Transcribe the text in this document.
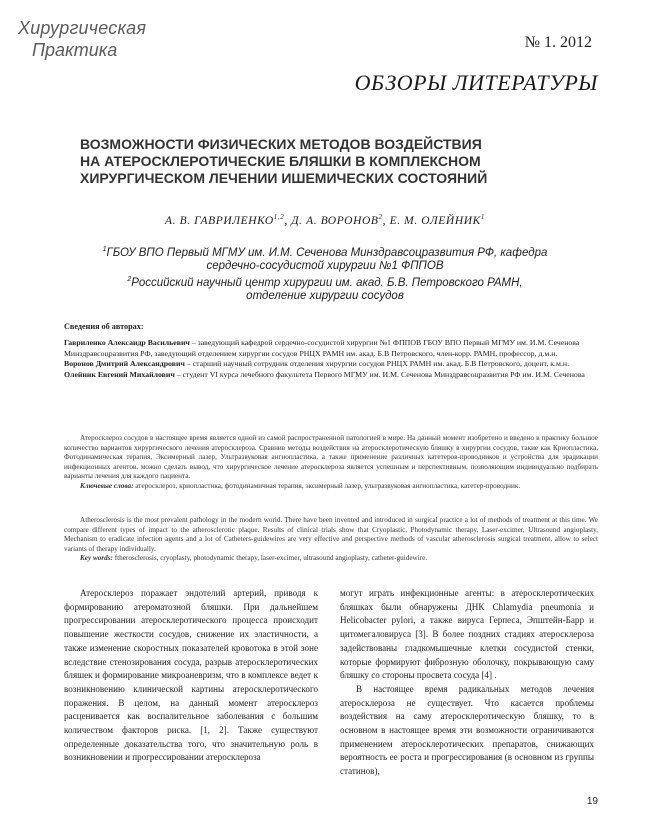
Хирургическая
Практика	№ 1. 2012
ОБЗОРЫ ЛИТЕРАТУРЫ
ВОЗМОЖНОСТИ ФИЗИЧЕСКИХ МЕТОДОВ ВОЗДЕЙСТВИЯ
НА АТЕРОСКЛЕРОТИЧЕСКИЕ БЛЯШКИ В КОМПЛЕКСНОМ
ХИРУРГИЧЕСКОМ ЛЕЧЕНИИ ИШЕМИЧЕСКИХ СОСТОЯНИЙ
А. В. ГАВРИЛЕНКО$^{1,2}$, Д. А. ВОРОНОВ$^2$, Е. М. ОЛЕЙНИК$^1$
$^1$ГБОУ ВПО Первый МГМУ им. И.М. Сеченова Минздравсоцразвития РФ, кафедра
сердечно-сосудистой хирургии №1 ФППОВ
$^2$Российский научный центр хирургии им. акад. Б.В. Петровского РАМН,
отделение хирургии сосудов
Сведения об авторах:
Гавриленко Александр Васильевич – заведующий кафедрой сердечно-сосудистой хирургии №1 ФППОВ ГБОУ ВПО Первый МГМУ им. И.М. Сеченова Минздравсоцразвития РФ, заведующий отделением хирургии сосудов РНЦХ РАМН им. акад. Б.В Петровского, член-корр. РАМН, профессор, д.м.н.
Воронов Дмитрий Александрович – старший научный сотрудник отделения хирургии сосудов РНЦХ РАМН им. акад. Б.В Петровского, доцент, к.м.н.
Олейник Евгений Михайлович – студент VI курса лечебного факультета Первого МГМУ им. И.М. Сеченова Минздравсоцразвития РФ им. И.М. Сеченова
Атеросклероз сосудов в настоящее время является одной из самой распространенной патологией в мире. На данный момент изобретено и введено в практику большое количество вариантов хирургического лечения атеросклероза. Сравнив методы воздействия на атеросклеротическую бляшку в хирургии сосудов, такие как Криопластика, Фотодинамическая терапия, Эксимерный лазер, Ультразвуковая ангиопластика, а также применение различных катетеров-проводников и устройства для эрадикации инфекционных агентов, можно сделать вывод, что хирургическое лечение атеросклероза является успешным и перспективным, позволяющим индивидуально подбирать варианты лечения для каждого пациента.
Ключевые слова: атеросклероз, криопластика, фотодинамичная терапия, эксимерный лазер, ультразвуковая ангиопластика, катетер-проводник.
Atherosclerosis is the most prevalent pathology in the modern world. There have been invented and introduced in surgical practice a lot of methods of treatment at this time. We compare different types of impact to the atherosclerotic plaque. Results of clinical trials show that Cryoplastic, Photodynamic therapy, Laser-excimer, Ultrasound angioplasty, Mechanism to eradicate infection agents and a lot of Catheters-guidewires are very effective and perspective methods of vascular atherosclerosis surgical treatment, allow to select variants of therapy individually.
Key words: ftherosclerosis, cryoplasty, photodynamic therapy, laser-excimer, ultrasound angioplasty, catheter-guidewire.
Атеросклероз поражает эндотелий артерий, приводя к формированию атероматозной бляшки. При дальнейшем прогрессировании атеросклеротического процесса происходит повышение жесткости сосудов, снижение их эластичности, а также изменение скоростных показателей кровотока в этой зоне вследствие стенозирования сосуда, разрыв атеросклеротических бляшек и формирование микроаневризм, что в комплексе ведет к возникновению клинической картины атеросклеротического поражения. В целом, на данный момент атеросклероз расценивается как воспалительное заболевания с большим количеством факторов риска. [1, 2]. Также существуют определенные доказательства того, что значительную роль в возникновении и прогрессировании атеросклероза
могут играть инфекционные агенты: в атеросклеротических бляшках были обнаружены ДНК Chlamydia pneumonia и Helicobacter pylori, а также вируса Герпеса, Эпштейн-Барр и цитомегаловируса [3]. В более поздних стадиях атеросклероза задействованы гладкомышечные клетки сосудистой стенки, которые формируют фиброзную оболочку, покрывающую саму бляшку со стороны просвета сосуда [4] .
В настоящее время радикальных методов лечения атеросклероза не существует. Что касается проблемы воздействия на саму атеросклеротическую бляшку, то в основном в настоящее время эти возможности ограничиваются применением атеросклеротических препаратов, снижающих вероятность ее роста и прогрессирования (в основном из группы статинов),
19
